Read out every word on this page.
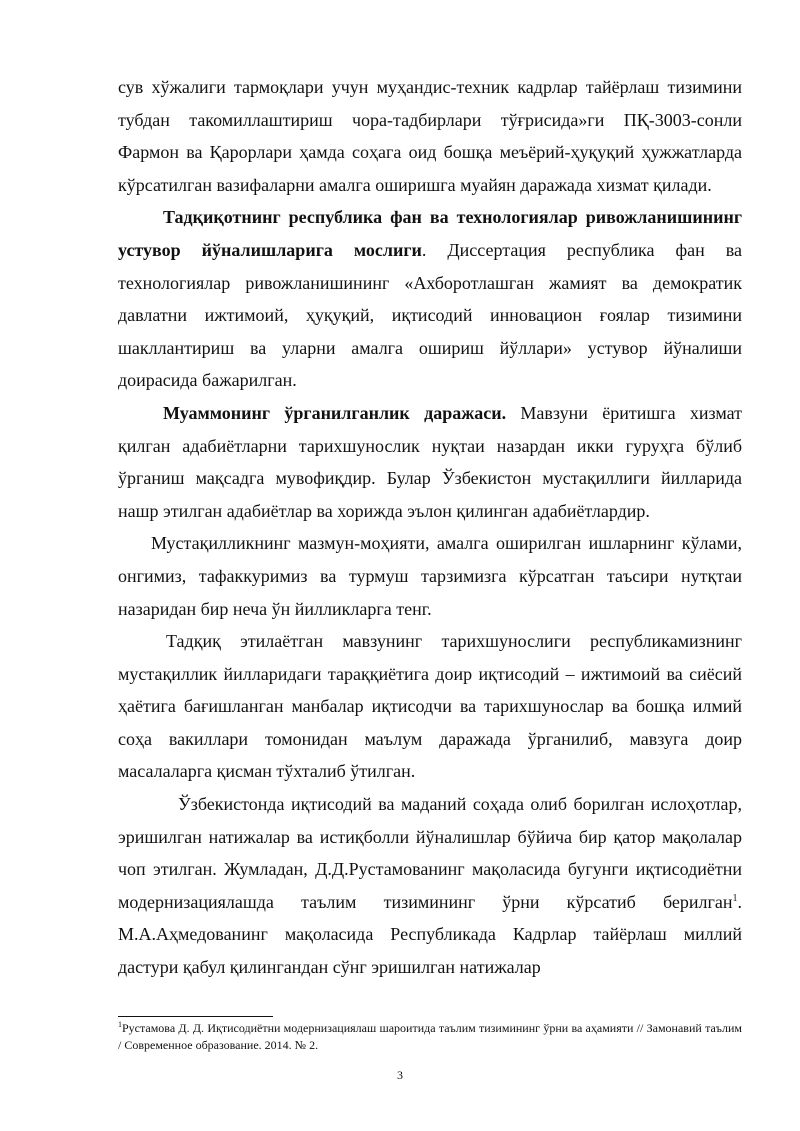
сув хўжалиги тармоқлари учун муҳандис-техник кадрлар тайёрлаш тизимини тубдан такомиллаштириш чора-тадбирлари тўғрисида»ги ПҚ-3003-сонли Фармон ва Қарорлари ҳамда соҳага оид бошқа меъёрий-ҳуқуқий ҳужжатларда кўрсатилган вазифаларни амалга оширишга муайян даражада хизмат қилади.

Тадқиқотнинг республика фан ва технологиялар ривожланишининг устувор йўналишларига мослиги. Диссертация республика фан ва технологиялар ривожланишининг «Ахборотлашган жамият ва демократик давлатни ижтимоий, ҳуқуқий, иқтисодий инновацион ғоялар тизимини шакллантириш ва уларни амалга ошириш йўллари» устувор йўналиши доирасида бажарилган.

Муаммонинг ўрганилганлик даражаси. Мавзуни ёритишга хизмат қилган адабиётларни тарихшунослик нуқтаи назардан икки гуруҳга бўлиб ўрганиш мақсадга мувофиқдир. Булар Ўзбекистон мустақиллиги йилларида нашр этилган адабиётлар ва хорижда эълон қилинган адабиётлардир.

Мустақилликнинг мазмун-моҳияти, амалга оширилган ишларнинг кўлами, онгимиз, тафаккуримиз ва турмуш тарзимизга кўрсатган таъсири нутқтаи назаридан бир неча ўн йилликларга тенг.

Тадқиқ этилаётган мавзунинг тарихшунослиги республикамизнинг мустақиллик йилларидаги тараққиётига доир иқтисодий – ижтимоий ва сиёсий ҳаётига бағишланган манбалар иқтисодчи ва тарихшунослар ва бошқа илмий соҳа вакиллари томонидан маълум даражада ўрганилиб, мавзуга доир масалаларга қисман тўхталиб ўтилган.

Ўзбекистонда иқтисодий ва маданий соҳада олиб борилган ислоҳотлар, эришилган натижалар ва истиқболли йўналишлар бўйича бир қатор мақолалар чоп этилган. Жумладан, Д.Д.Рустамованинг мақоласида бугунги иқтисодиётни модернизациялашда таълим тизимининг ўрни кўрсатиб берилган$^1$. М.А.Аҳмедованинг мақоласида Республикада Кадрлар тайёрлаш миллий дастури қабул қилингандан сўнг эришилган натижалар

$^1$Рустамова Д. Д. Иқтисодиётни модернизациялаш шароитида таълим тизимининг ўрни ва аҳамияти // Замонавий таълим / Современное образование. 2014. № 2.
3
